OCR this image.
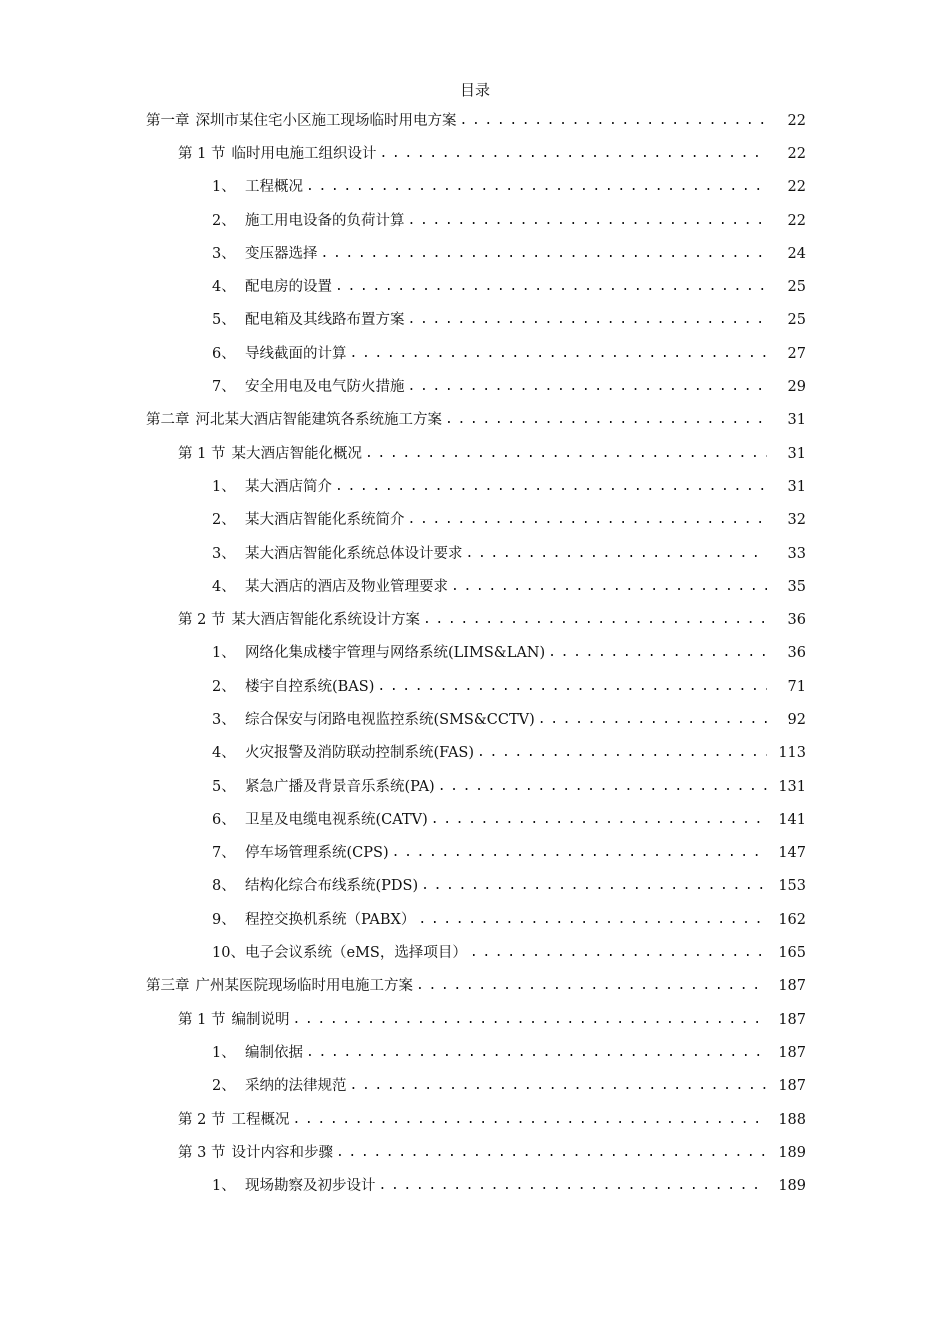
目录
第一章 深圳市某住宅小区施工现场临时用电方案 . . .	22
第 1 节 临时用电施工组织设计 . . .	22
1、 工程概况 . . .	22
2、 施工用电设备的负荷计算 . . .	22
3、 变压器选择 . . .	24
4、 配电房的设置 . . .	25
5、 配电箱及其线路布置方案 . . .	25
6、 导线截面的计算 . . .	27
7、 安全用电及电气防火措施 . . .	29
第二章 河北某大酒店智能建筑各系统施工方案 . . .	31
第 1 节 某大酒店智能化概况 . . .	31
1、 某大酒店简介 . . .	31
2、 某大酒店智能化系统简介 . . .	32
3、 某大酒店智能化系统总体设计要求 . . .	33
4、 某大酒店的酒店及物业管理要求 . . .	35
第 2 节 某大酒店智能化系统设计方案 . . .	36
1、 网络化集成楼宇管理与网络系统(LIMS&LAN) . . .	36
2、 楼宇自控系统(BAS) . . .	71
3、 综合保安与闭路电视监控系统(SMS&CCTV) . . .	92
4、 火灾报警及消防联动控制系统(FAS) . . .	113
5、 紧急广播及背景音乐系统(PA) . . .	131
6、 卫星及电缆电视系统(CATV) . . .	141
7、 停车场管理系统(CPS) . . .	147
8、 结构化综合布线系统(PDS) . . .	153
9、 程控交换机系统（PABX） . . .	162
10、 电子会议系统（eMS，选择项目） . . .	165
第三章 广州某医院现场临时用电施工方案 . . .	187
第 1 节 编制说明 . . .	187
1、 编制依据 . . .	187
2、 采纳的法律规范 . . .	187
第 2 节 工程概况 . . .	188
第 3 节 设计内容和步骤 . . .	189
1、 现场勘察及初步设计 . . .	189
